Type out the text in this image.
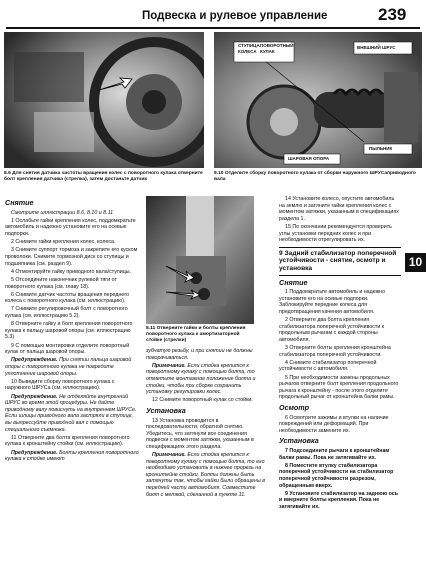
Подвеска и рулевое управление	239
8.6 Для снятия датчика частоты вращения колес с поворотного кулака отверните болт крепления датчика (стрелка), затем достаньте датчик
СТУПИЦА
КОЛЕСА
ПОВОРОТНЫЙ
КУЛАК
ВНЕШНИЙ ШРУС
ПЫЛЬНИК
ШАРОВАЯ ОПОРА
8.10 Отделите сборку поворотного кулака от сборки наружного ШРУСаприводного вала
Снятие

Смотрите иллюстрации 8.6, 8.10 и 8.11

1 Ослабьте гайки крепления колес, поддомкратьте автомобиль и надежно установите его на осевые подпорки.

2 Снимите гайки крепления колес, колеса.

3 Снимите суппорт тормоза и закрепите его куском проволоки. Снимите тормозной диск со ступицы и подшипника (см. раздел 9).

4 Отмонтируйте гайку приводного вала/ступицы.

5 Отсоедините наконечник рулевой тяги от поворотного кулака (см. главу 18).

6 Снимите датчик частоты вращения переднего колеса с поворотного кулака (см. иллюстрацию).

7 Снимите регулировочный болт с поворотного кулака (см. иллюстрацию 5.2).

8 Отверните гайку и болт крепления поворотного кулака к пальцу шаровой опоры (см. иллюстрацию 5.3)

9 С помощью монтировки отделите поворотный кулак от пальца шаровой опоры.

Предупреждение. При снятии пальца шаровой опоры с поворотного кулака не повредите уплотнение шаровой опоры.

10 Выведите сборку поворотного кулака с наружного ШРУСа (см. иллюстрацию).

Предупреждение. Не отделяйте внутренний ШРУС во время этой процедуры. Не дайте приводному валу повиснуть на внутреннем ШРУСе. Если шлицы приводного вала застряли в ступице, вы выпрессуйте приводной вал с помощью специального съемника.

11 Отверните два болта крепления поворотного кулака к кронштейну стойки (см. иллюстрацию).

Предупреждение. Болты крепления поворотного кулака к стойке имеют

8.11 Отверните гайки и болты крепления поворотного кулака к амортизаторной стойке (стрелки)

зубчатую резьбу, и при снятии не должны поворачиваться.

Примечание. Если стойка крепится к поворотному кулаку с помощью болта, то отметьте монтажное положение болта и стойки, чтобы при сборке сохранить установку регулировки колес.

12 Снимите поворотный кулак со стойки.

Установка

13 Установка проводится в последовательности, обратной снятию. Убедитесь, что затянули все соединения подвески с моментом затяжки, указанным в спецификациях этого раздела.

Примечание. Если стойка крепится к поворотному кулаку с помощью болта, то его необходимо установить в нижнее прорезь на кронштейне стойки. Болты должны быть затянуты так, чтобы гайки были обращены в передней части автомобиля. Совместите болт с меткой, сделанной в пункте 11.

14 Установите колесо, опустите автомобиль на землю и затяните гайки крепления колес с моментом затяжки, указанным в спецификациях раздела 1.

15 По окончании рекомендуется проверить углы установки передних колес и при необходимости отрегулировать их.

9 Задний стабилизатор поперечной устойчивости - снятие, осмотр и установка
Снятие

1 Поддомкратьте автомобиль и надежно установите его на осевые подпорки. Заблокируйте передние колеса для предотвращения качения автомобиля.

2 Отверните два болта крепления стабилизатора поперечной устойчивости к продольным рычагам с каждой стороны автомобиля.

3 Отверните болты крепления кронштейна стабилизатора поперечной устойчивости.

4 Снимите стабилизатор поперечной устойчивости с автомобиля.

5 При необходимости замены продольных рычагов отверните болт крепления продольного рычага к кронштейну - после этого отделите продольный рычаг от кронштейна балки рамы.

Осмотр

6 Осмотрите зажимы и втулки на наличие повреждений или деформаций. При необходимости замените их.

Установка

7 Подсоедините рычаги к кронштейнам балки рамы. Пока не затягивайте их.

8 Поместите втулку стабилизатора поперечной устойчивости на стабилизатор поперечной устойчивости разрезом, обращенным вверх.

9 Установите стабилизатор на заднюю ось и вверните болты крепления. Пока не затягивайте их.

10
